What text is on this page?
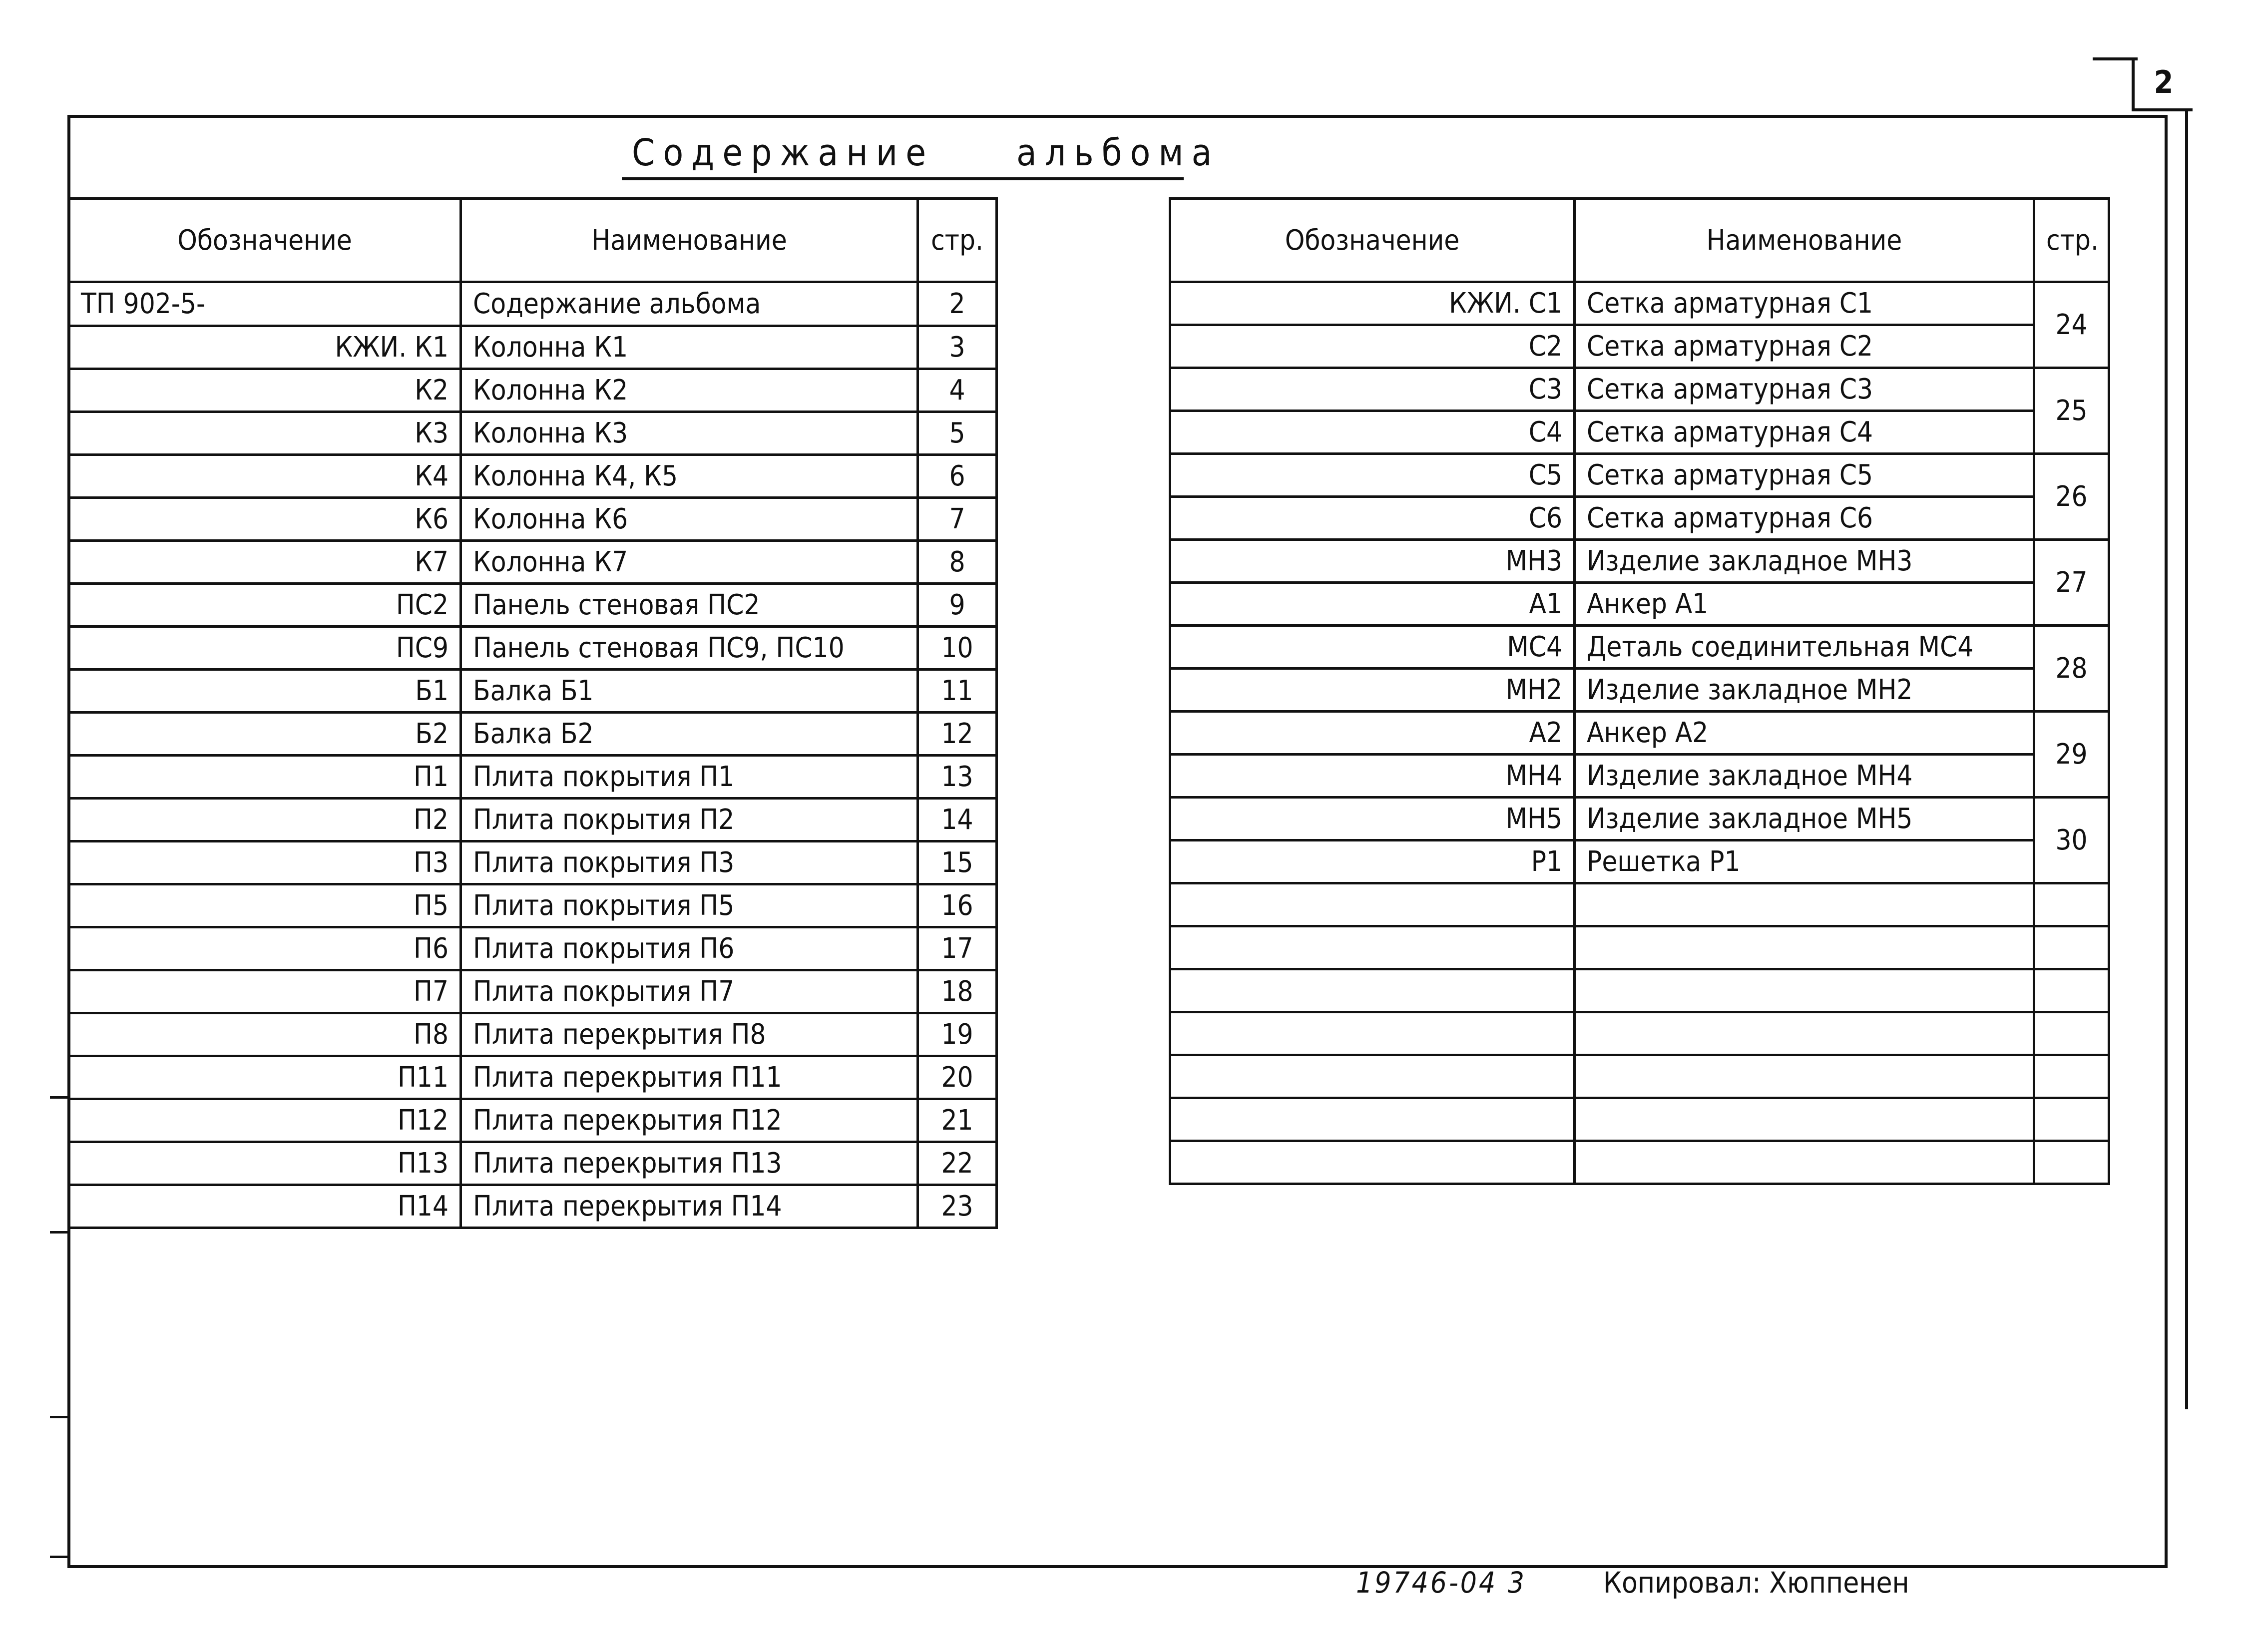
2
Содержание альбома
Обозначение	Наименование	стр.
ТП 902-5-	Содержание альбома	2
КЖИ. К1	Колонна К1	3
К2	Колонна К2	4
К3	Колонна К3	5
К4	Колонна К4, К5	6
К6	Колонна К6	7
К7	Колонна К7	8
ПС2	Панель стеновая ПС2	9
ПС9	Панель стеновая ПС9, ПС10	10
Б1	Балка Б1	11
Б2	Балка Б2	12
П1	Плита покрытия П1	13
П2	Плита покрытия П2	14
П3	Плита покрытия П3	15
П5	Плита покрытия П5	16
П6	Плита покрытия П6	17
П7	Плита покрытия П7	18
П8	Плита перекрытия П8	19
П11	Плита перекрытия П11	20
П12	Плита перекрытия П12	21
П13	Плита перекрытия П13	22
П14	Плита перекрытия П14	23
Обозначение	Наименование	стр.
КЖИ. С1	Сетка арматурная С1	24
С2	Сетка арматурная С2	
С3	Сетка арматурная С3	25
С4	Сетка арматурная С4	
С5	Сетка арматурная С5	26
С6	Сетка арматурная С6	
МН3	Изделие закладное МН3	27
А1	Анкер А1	
МС4	Деталь соединительная МС4	28
МН2	Изделие закладное МН2	
А2	Анкер А2	29
МН4	Изделие закладное МН4	
МН5	Изделие закладное МН5	30
Р1	Решетка Р1	

19746-04 3	Копировал: Хюппенен
